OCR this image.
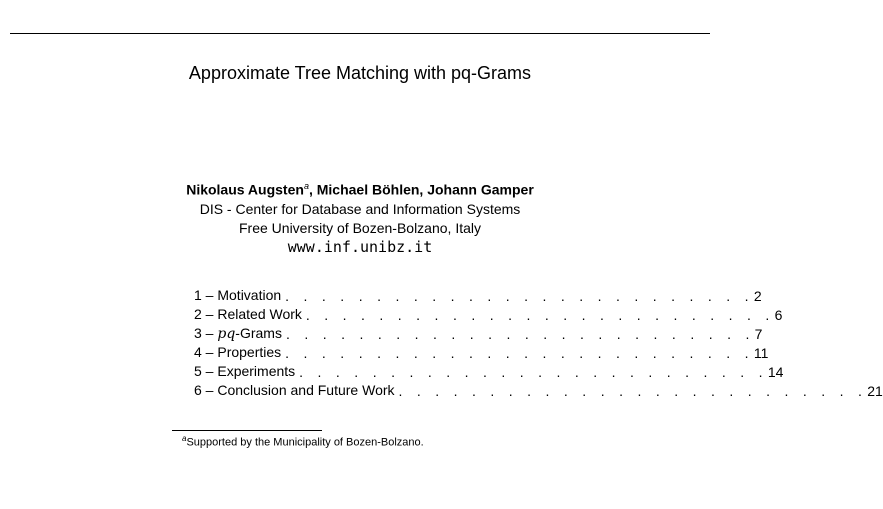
Approximate Tree Matching with pq-Grams
Nikolaus Augsten$^a$, Michael Böhlen, Johann Gamper
DIS - Center for Database and Information Systems
Free University of Bozen-Bolzano, Italy
www.inf.unibz.it
1 – Motivation . . . . . . . . . . . . . . . . . . . . . . . . . . 2
2 – Related Work . . . . . . . . . . . . . . . . . . . . . . . . . . 6
3 – pq-Grams . . . . . . . . . . . . . . . . . . . . . . . . . . 7
4 – Properties . . . . . . . . . . . . . . . . . . . . . . . . . . 11
5 – Experiments . . . . . . . . . . . . . . . . . . . . . . . . . . 14
6 – Conclusion and Future Work . . . . . . . . . . . . . . . . . . . . . . . . . . 21
$^a$Supported by the Municipality of Bozen-Bolzano.
